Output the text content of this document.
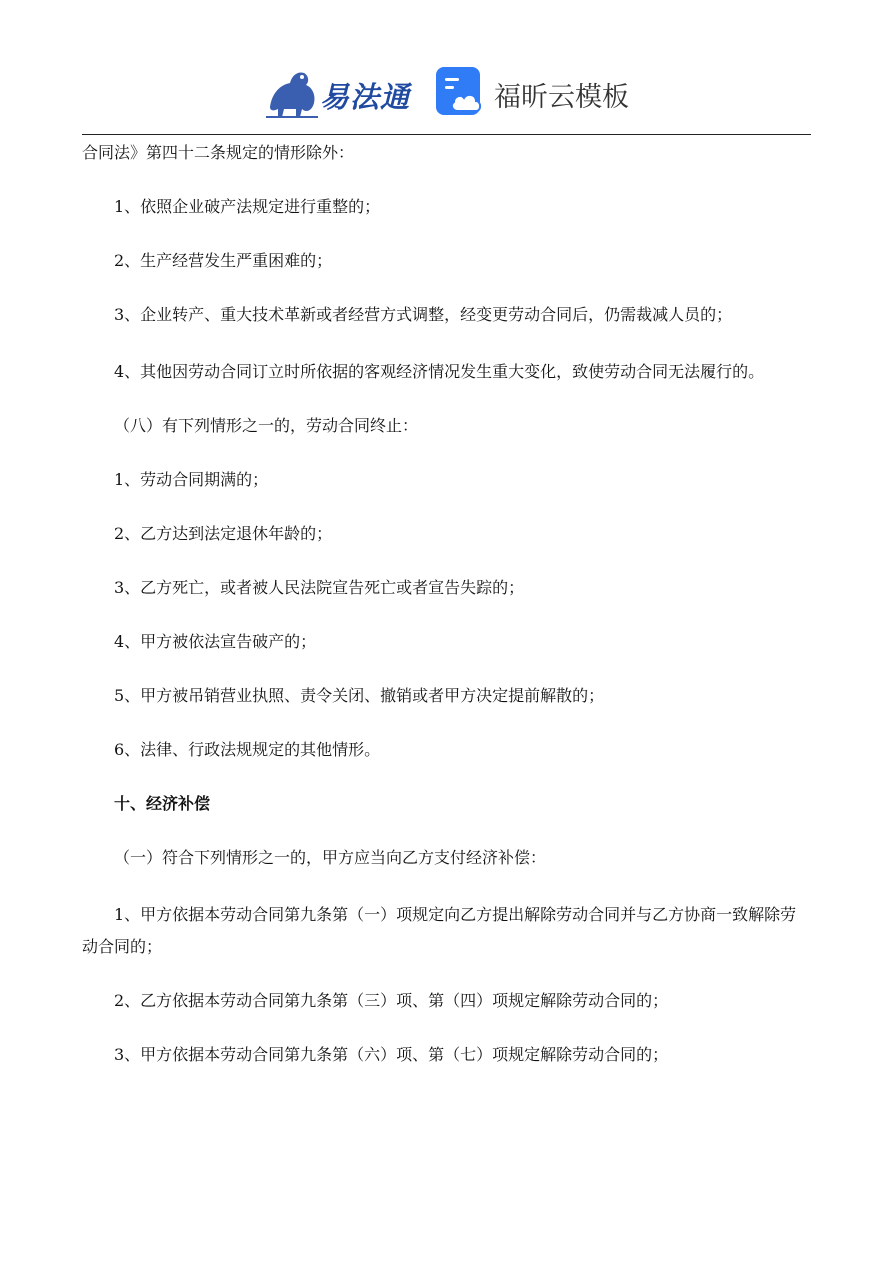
易法通	福昕云模板

合同法》第四十二条规定的情形除外：

1、依照企业破产法规定进行重整的；

2、生产经营发生严重困难的；

3、企业转产、重大技术革新或者经营方式调整，经变更劳动合同后，仍需裁减人员的；

4、其他因劳动合同订立时所依据的客观经济情况发生重大变化，致使劳动合同无法履行的。

（八）有下列情形之一的，劳动合同终止：

1、劳动合同期满的；

2、乙方达到法定退休年龄的；

3、乙方死亡，或者被人民法院宣告死亡或者宣告失踪的；

4、甲方被依法宣告破产的；

5、甲方被吊销营业执照、责令关闭、撤销或者甲方决定提前解散的；

6、法律、行政法规规定的其他情形。

十、经济补偿

（一）符合下列情形之一的，甲方应当向乙方支付经济补偿：

1、甲方依据本劳动合同第九条第（一）项规定向乙方提出解除劳动合同并与乙方协商一致解除劳动合同的；

2、乙方依据本劳动合同第九条第（三）项、第（四）项规定解除劳动合同的；

3、甲方依据本劳动合同第九条第（六）项、第（七）项规定解除劳动合同的；
